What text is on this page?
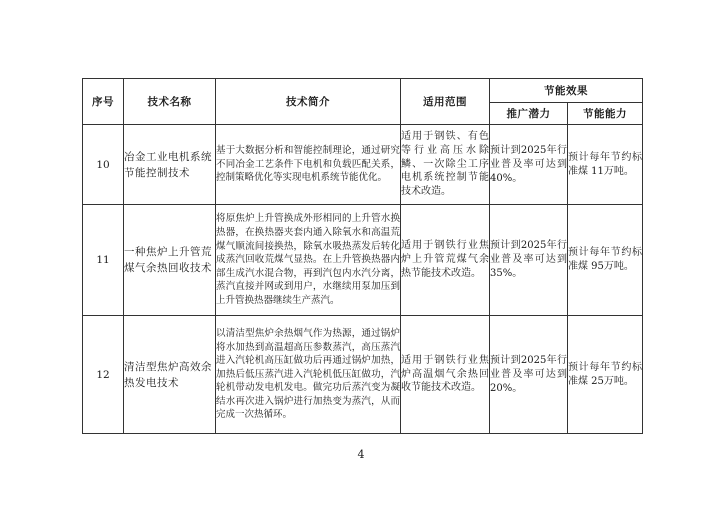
序号	技术名称	技术简介	适用范围	节能效果	
				推广潜力	节能能力
10	冶金工业电机系统节能控制技术	基于大数据分析和智能控制理论，通过研究不同冶金工艺条件下电机和负载匹配关系，控制策略优化等实现电机系统节能优化。	适用于钢铁、有色等行业高压水除鳞、一次除尘工序电机系统控制节能技术改造。	预计到2025年行业普及率可达到40%。	预计每年节约标准煤 11万吨。
11	一种焦炉上升管荒煤气余热回收技术	将原焦炉上升管换成外形相同的上升管水换热器，在换热器夹套内通入除氧水和高温荒煤气顺流间接换热，除氧水吸热蒸发后转化成蒸汽回收荒煤气显热。在上升管换热器内部生成汽水混合物，再到汽包内水汽分离，蒸汽直接并网或到用户，水继续用泵加压到上升管换热器继续生产蒸汽。	适用于钢铁行业焦炉上升管荒煤气余热节能技术改造。	预计到2025年行业普及率可达到35%。	预计每年节约标准煤 95万吨。
12	清洁型焦炉高效余热发电技术	以清洁型焦炉余热烟气作为热源，通过锅炉将水加热到高温超高压参数蒸汽，高压蒸汽进入汽轮机高压缸做功后再通过锅炉加热，加热后低压蒸汽进入汽轮机低压缸做功，汽轮机带动发电机发电。做完功后蒸汽变为凝结水再次进入锅炉进行加热变为蒸汽，从而完成一次热循环。	适用于钢铁行业焦炉高温烟气余热回收节能技术改造。	预计到2025年行业普及率可达到20%。	预计每年节约标准煤 25万吨。
4
